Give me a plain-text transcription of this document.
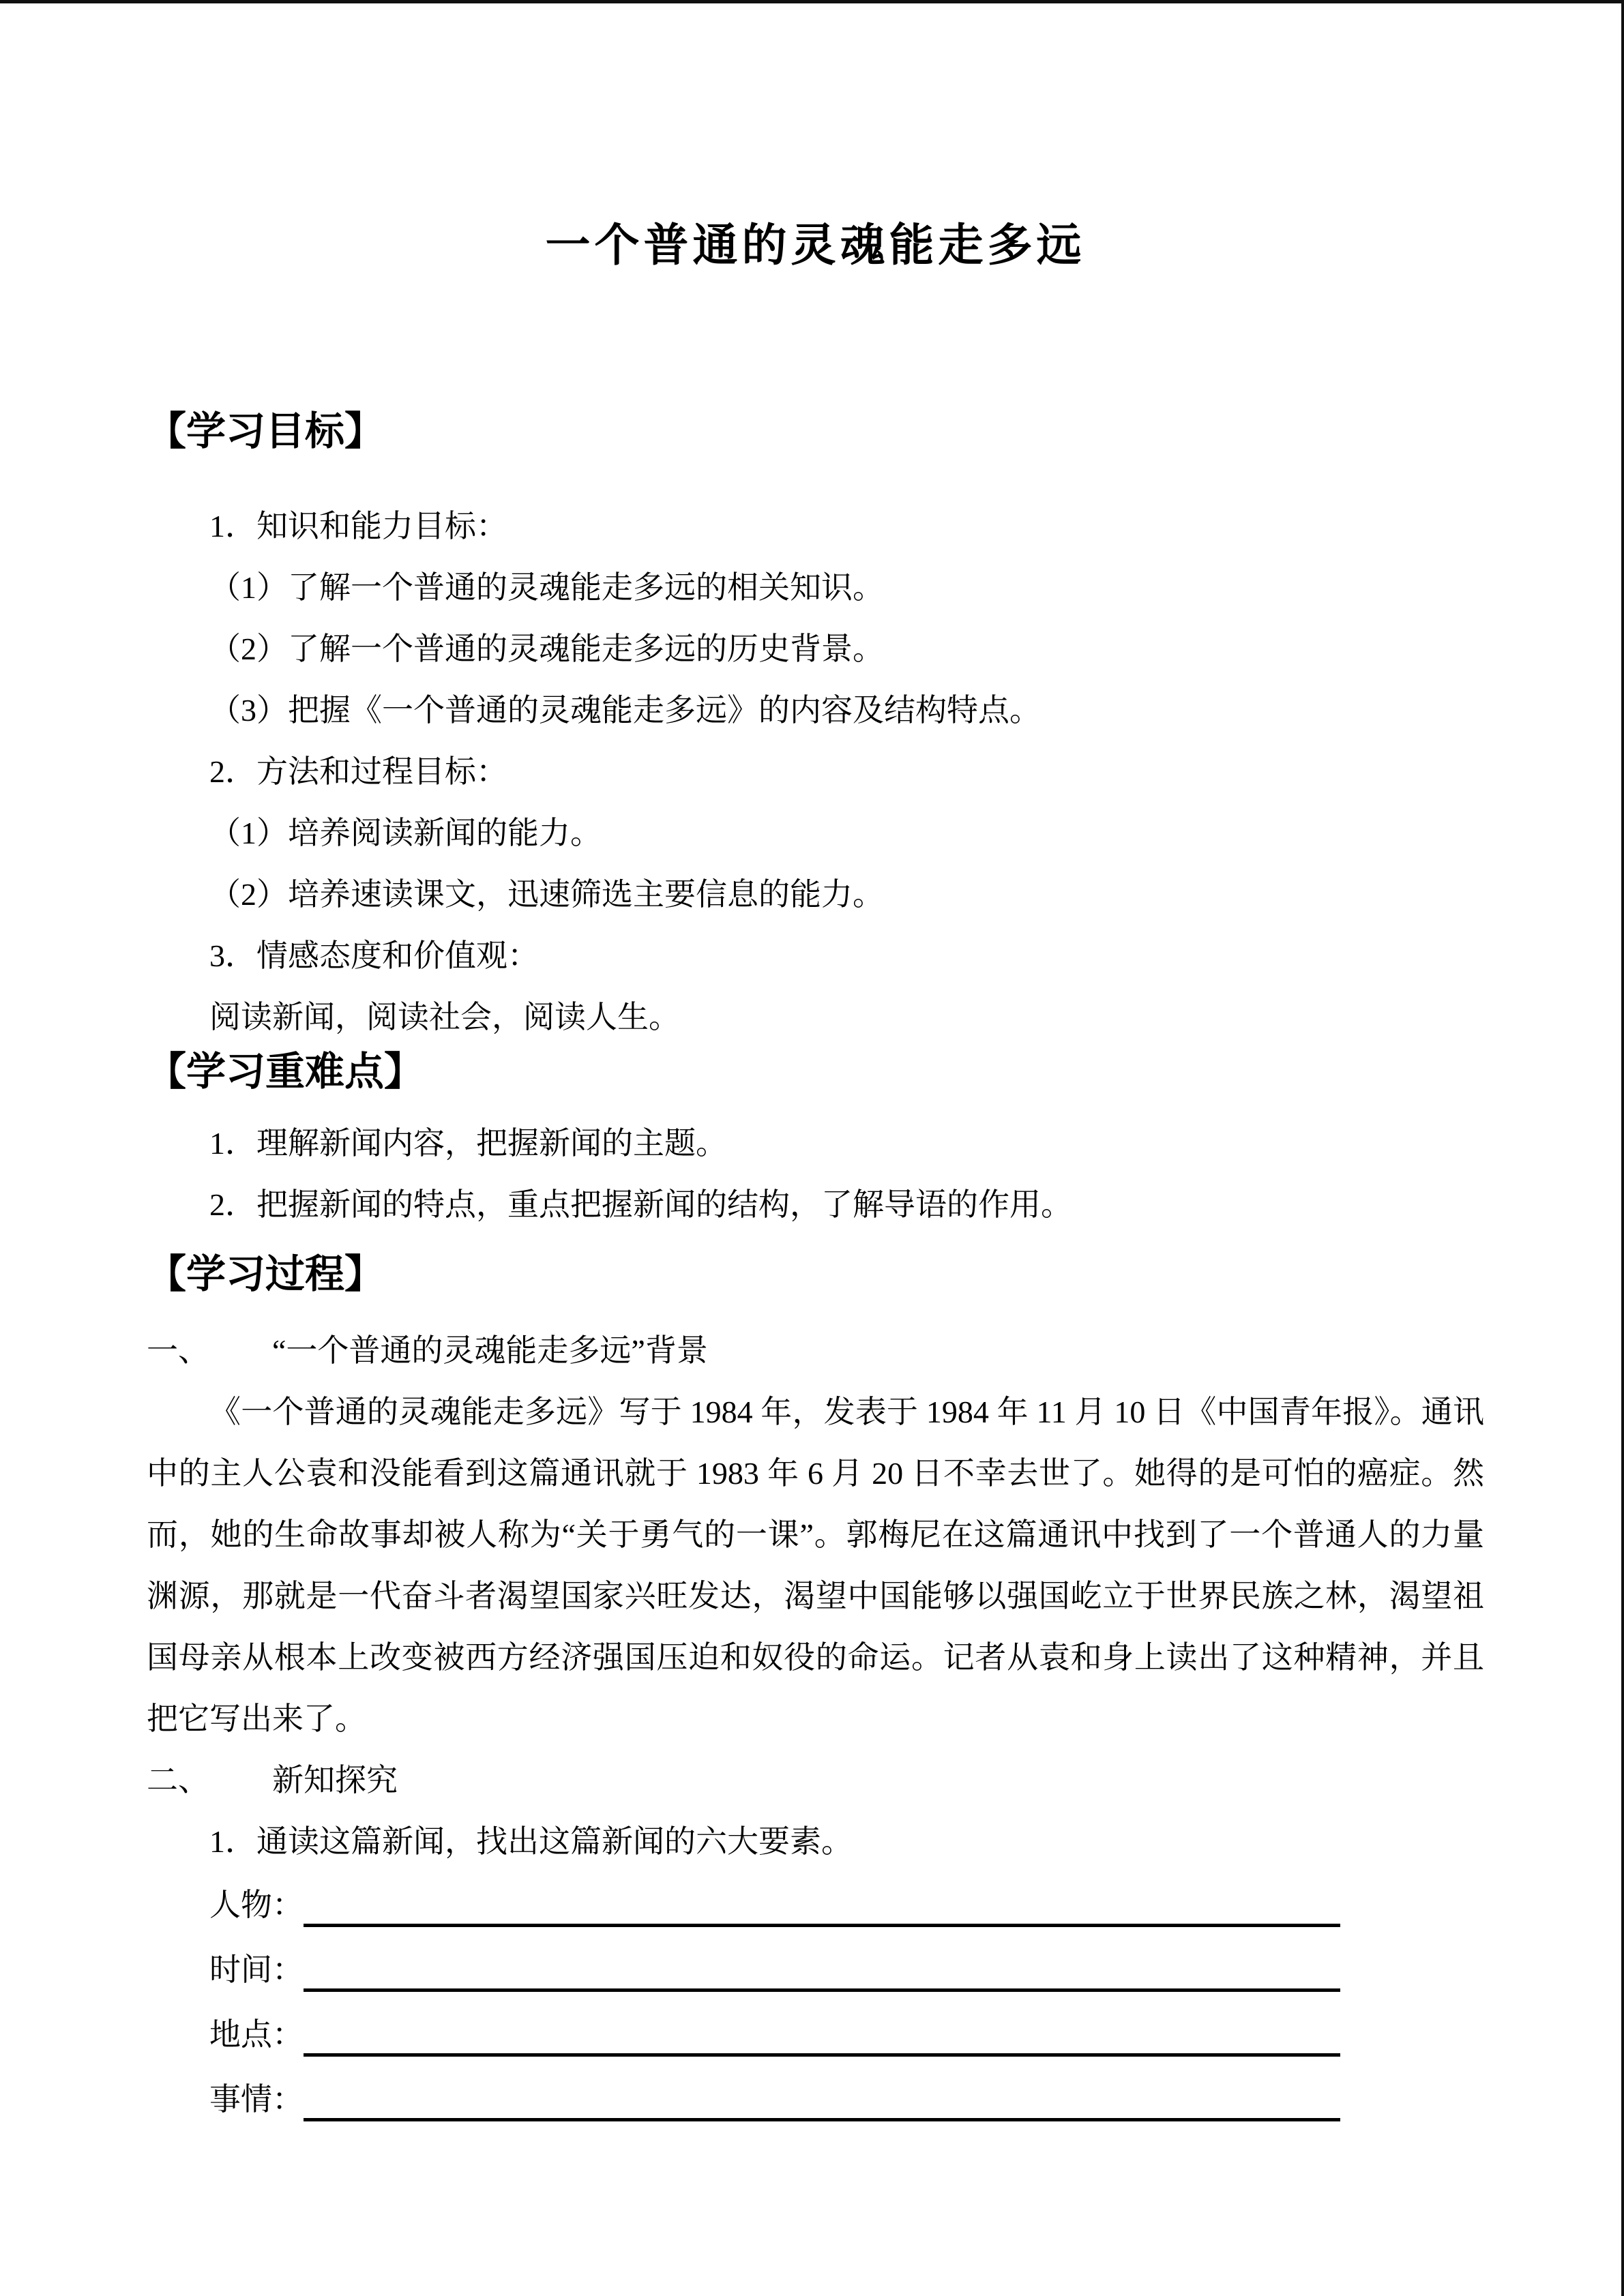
一个普通的灵魂能走多远
【学习目标】
1．知识和能力目标：
（1）了解一个普通的灵魂能走多远的相关知识。
（2）了解一个普通的灵魂能走多远的历史背景。
（3）把握《一个普通的灵魂能走多远》的内容及结构特点。
2．方法和过程目标：
（1）培养阅读新闻的能力。
（2）培养速读课文，迅速筛选主要信息的能力。
3．情感态度和价值观：
阅读新闻，阅读社会，阅读人生。
【学习重难点】
1．理解新闻内容，把握新闻的主题。
2．把握新闻的特点，重点把握新闻的结构，了解导语的作用。
【学习过程】
一、 “一个普通的灵魂能走多远”背景

《一个普通的灵魂能走多远》写于 1984 年，发表于 1984 年 11 月 10 日《中国青年报》。通讯中的主人公袁和没能看到这篇通讯就于 1983 年 6 月 20 日不幸去世了。她得的是可怕的癌症。然而，她的生命故事却被人称为“关于勇气的一课”。郭梅尼在这篇通讯中找到了一个普通人的力量渊源，那就是一代奋斗者渴望国家兴旺发达，渴望中国能够以强国屹立于世界民族之林，渴望祖国母亲从根本上改变被西方经济强国压迫和奴役的命运。记者从袁和身上读出了这种精神，并且把它写出来了。

二、 新知探究
1．通读这篇新闻，找出这篇新闻的六大要素。
人物：
时间：
地点：
事情：
